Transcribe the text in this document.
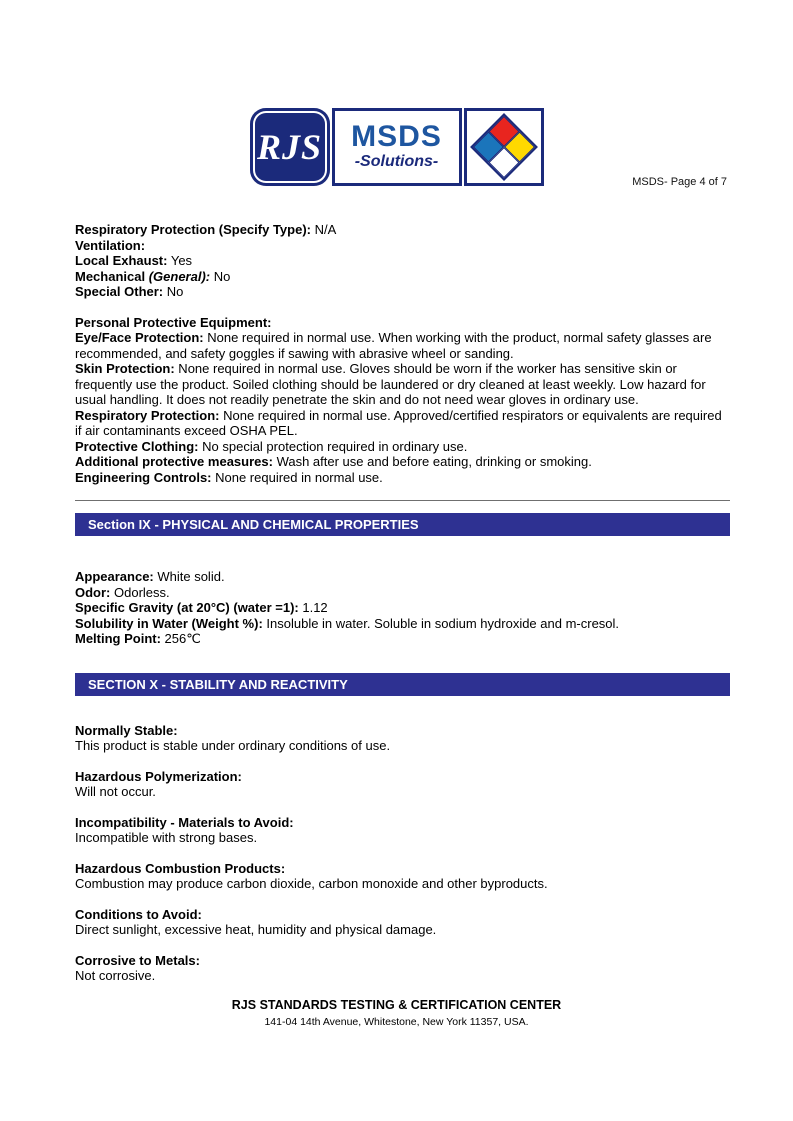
RJS MSDS
-Solutions-
MSDS- Page 4 of 7
Respiratory Protection (Specify Type): N/A
Ventilation:
Local Exhaust: Yes
Mechanical (General): No
Special Other: No
Personal Protective Equipment:
Eye/Face Protection: None required in normal use. When working with the product, normal safety glasses are recommended, and safety goggles if sawing with abrasive wheel or sanding.
Skin Protection: None required in normal use. Gloves should be worn if the worker has sensitive skin or frequently use the product. Soiled clothing should be laundered or dry cleaned at least weekly. Low hazard for usual handling. It does not readily penetrate the skin and do not need wear gloves in ordinary use.
Respiratory Protection: None required in normal use. Approved/certified respirators or equivalents are required if air contaminants exceed OSHA PEL.
Protective Clothing: No special protection required in ordinary use.
Additional protective measures: Wash after use and before eating, drinking or smoking.
Engineering Controls: None required in normal use.
Section IX - PHYSICAL AND CHEMICAL PROPERTIES
Appearance: White solid.
Odor: Odorless.
Specific Gravity (at 20°C) (water =1): 1.12
Solubility in Water (Weight %): Insoluble in water. Soluble in sodium hydroxide and m-cresol.
Melting Point: 256℃
SECTION X - STABILITY AND REACTIVITY
Normally Stable:
This product is stable under ordinary conditions of use.
Hazardous Polymerization:
Will not occur.
Incompatibility - Materials to Avoid:
Incompatible with strong bases.
Hazardous Combustion Products:
Combustion may produce carbon dioxide, carbon monoxide and other byproducts.
Conditions to Avoid:
Direct sunlight, excessive heat, humidity and physical damage.
Corrosive to Metals:
Not corrosive.
RJS STANDARDS TESTING & CERTIFICATION CENTER
141-04 14th Avenue, Whitestone, New York 11357, USA.
